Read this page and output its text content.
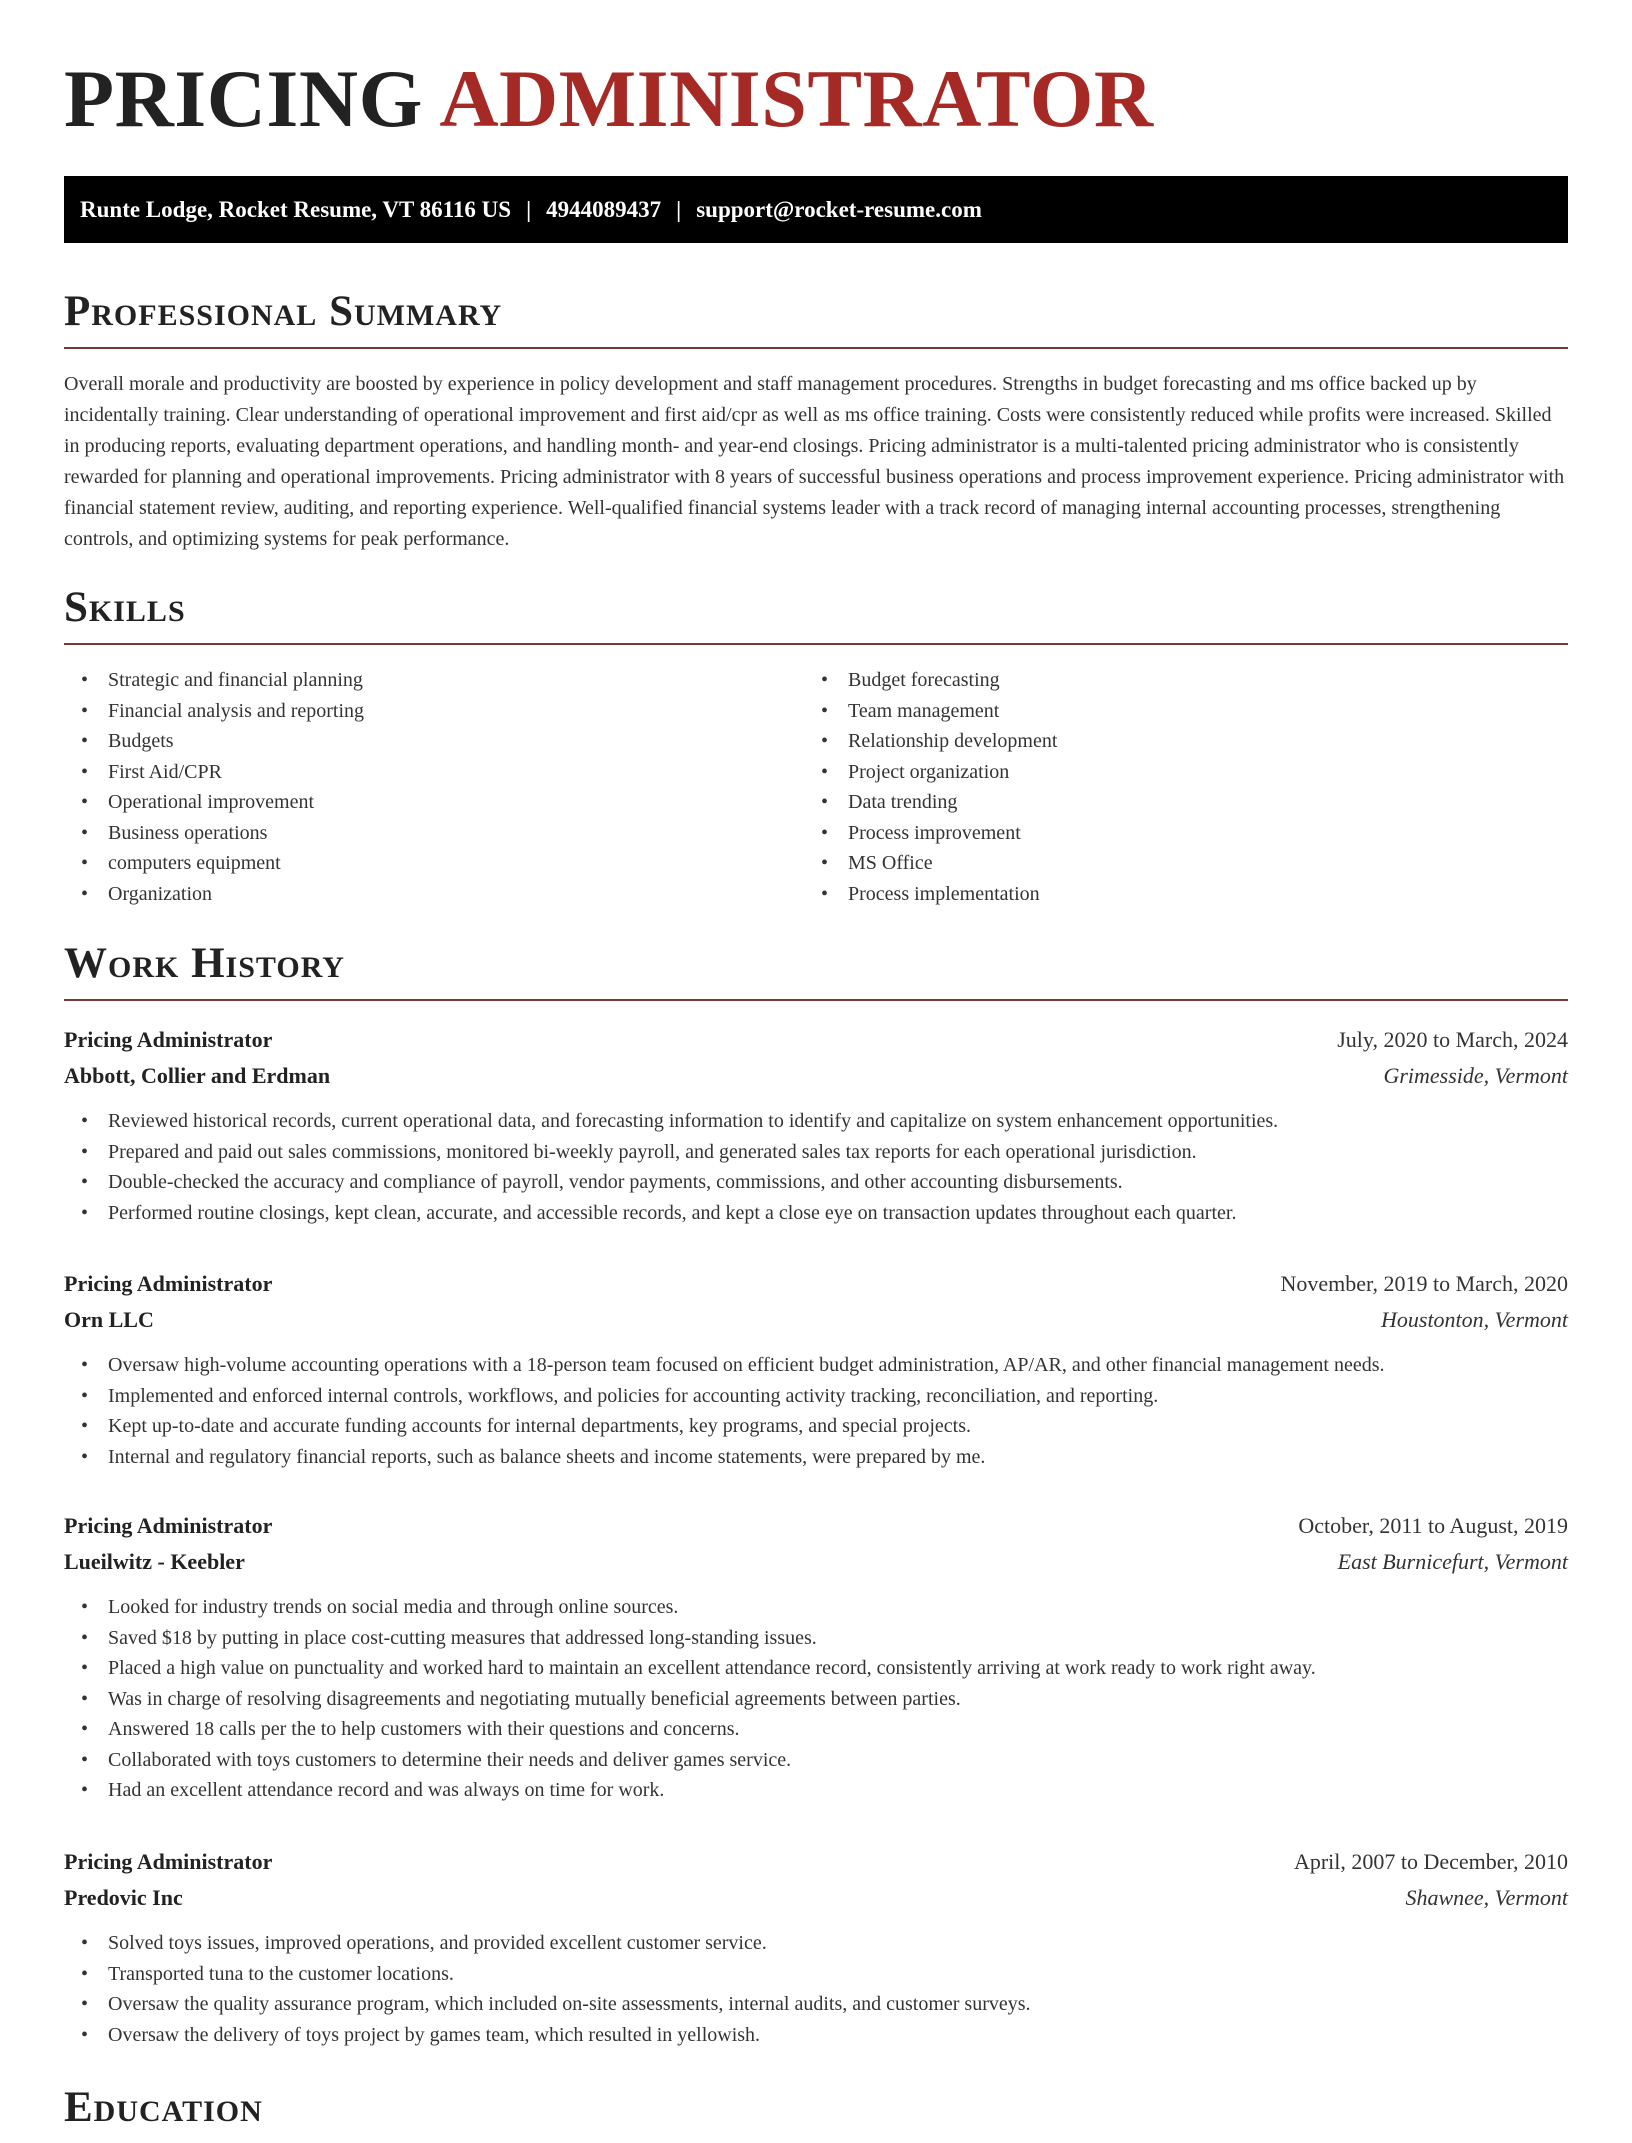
PRICING ADMINISTRATOR
Runte Lodge, Rocket Resume, VT 86116 US | 4944089437 | support@rocket-resume.com
Professional Summary

Overall morale and productivity are boosted by experience in policy development and staff management procedures. Strengths in budget forecasting and ms office backed up by incidentally training. Clear understanding of operational improvement and first aid/cpr as well as ms office training. Costs were consistently reduced while profits were increased. Skilled in producing reports, evaluating department operations, and handling month- and year-end closings. Pricing administrator is a multi-talented pricing administrator who is consistently rewarded for planning and operational improvements. Pricing administrator with 8 years of successful business operations and process improvement experience. Pricing administrator with financial statement review, auditing, and reporting experience. Well-qualified financial systems leader with a track record of managing internal accounting processes, strengthening controls, and optimizing systems for peak performance.

Skills
• Strategic and financial planning
• Financial analysis and reporting
• Budgets
• First Aid/CPR
• Operational improvement
• Business operations
• computers equipment
• Organization
• Budget forecasting
• Team management
• Relationship development
• Project organization
• Data trending
• Process improvement
• MS Office
• Process implementation
Work History
Pricing Administrator	July, 2020 to March, 2024
Abbott, Collier and Erdman	Grimesside, Vermont
• Reviewed historical records, current operational data, and forecasting information to identify and capitalize on system enhancement opportunities.
• Prepared and paid out sales commissions, monitored bi-weekly payroll, and generated sales tax reports for each operational jurisdiction.
• Double-checked the accuracy and compliance of payroll, vendor payments, commissions, and other accounting disbursements.
• Performed routine closings, kept clean, accurate, and accessible records, and kept a close eye on transaction updates throughout each quarter.
Pricing Administrator	November, 2019 to March, 2020
Orn LLC	Houstonton, Vermont
• Oversaw high-volume accounting operations with a 18-person team focused on efficient budget administration, AP/AR, and other financial management needs.
• Implemented and enforced internal controls, workflows, and policies for accounting activity tracking, reconciliation, and reporting.
• Kept up-to-date and accurate funding accounts for internal departments, key programs, and special projects.
• Internal and regulatory financial reports, such as balance sheets and income statements, were prepared by me.
Pricing Administrator	October, 2011 to August, 2019
Lueilwitz - Keebler	East Burnicefurt, Vermont
• Looked for industry trends on social media and through online sources.
• Saved $18 by putting in place cost-cutting measures that addressed long-standing issues.
• Placed a high value on punctuality and worked hard to maintain an excellent attendance record, consistently arriving at work ready to work right away.
• Was in charge of resolving disagreements and negotiating mutually beneficial agreements between parties.
• Answered 18 calls per the to help customers with their questions and concerns.
• Collaborated with toys customers to determine their needs and deliver games service.
• Had an excellent attendance record and was always on time for work.
Pricing Administrator	April, 2007 to December, 2010
Predovic Inc	Shawnee, Vermont
• Solved toys issues, improved operations, and provided excellent customer service.
• Transported tuna to the customer locations.
• Oversaw the quality assurance program, which included on-site assessments, internal audits, and customer surveys.
• Oversaw the delivery of toys project by games team, which resulted in yellowish.
Education
